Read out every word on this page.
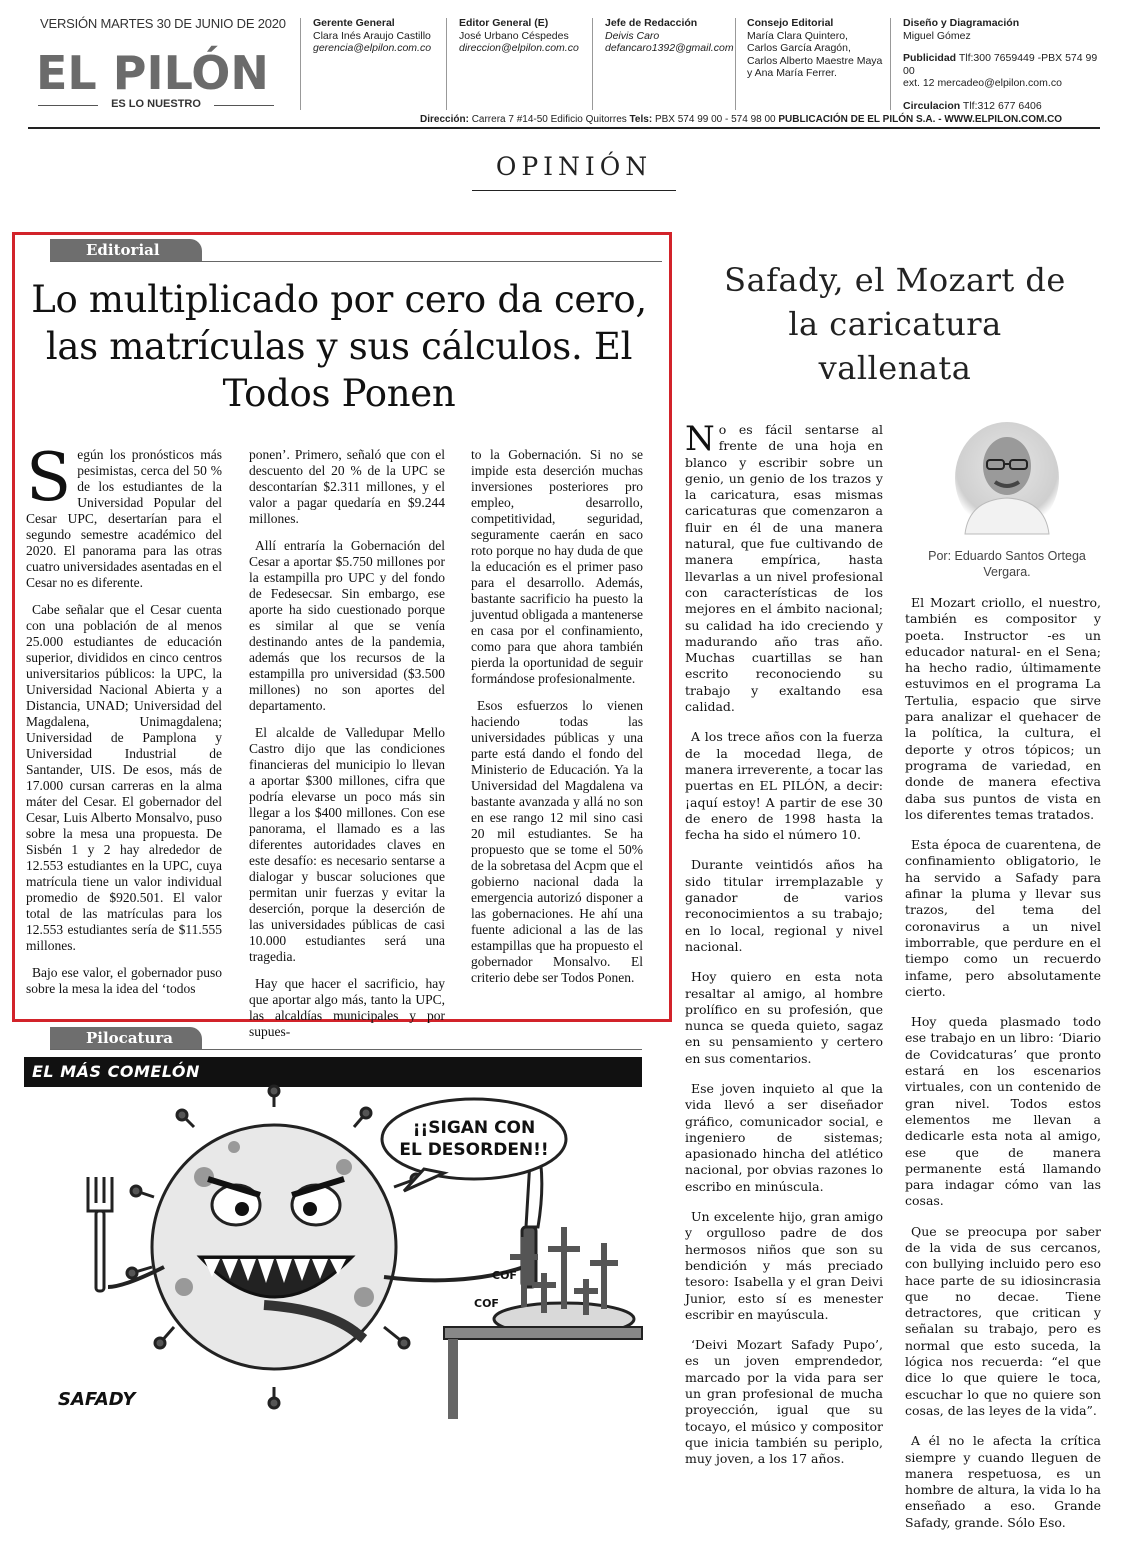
VERSIÓN MARTES 30 DE JUNIO DE 2020
EL PILÓN
ES LO NUESTRO
Gerente General
Clara Inés Araujo Castillo
gerencia@elpilon.com.co
Editor General (E)
José Urbano Céspedes
direccion@elpilon.com.co
Jefe de Redacción
Deivis Caro
defancaro1392@gmail.com
Consejo Editorial
María Clara Quintero,
Carlos García Aragón,
Carlos Alberto Maestre Maya
y Ana María Ferrer.
Diseño y Diagramación
Miguel Gómez
Publicidad Tlf:300 7659449 -PBX 574 99 00
ext. 12 mercadeo@elpilon.com.co
Circulacion Tlf:312 677 6406
Dirección: Carrera 7 #14-50 Edificio Quitorres Tels: PBX 574 99 00 - 574 98 00 PUBLICACIÓN DE EL PILÓN S.A. - WWW.ELPILON.COM.CO
OPINIÓN
Editorial
Lo multiplicado por cero da cero, las matrículas y sus cálculos. El Todos Ponen

Según los pronósticos más pesimistas, cerca del 50 % de los estudiantes de la Universidad Popular del Cesar UPC, desertarían para el segundo semestre académico del 2020. El panorama para las otras cuatro universidades asentadas en el Cesar no es diferente.

Cabe señalar que el Cesar cuenta con una población de al menos 25.000 estudiantes de educación superior, divididos en cinco centros universitarios públicos: la UPC, la Universidad Nacional Abierta y a Distancia, UNAD; Universidad del Magdalena, Unimagdalena; Universidad de Pamplona y Universidad Industrial de Santander, UIS. De esos, más de 17.000 cursan carreras en la alma máter del Cesar. El gobernador del Cesar, Luis Alberto Monsalvo, puso sobre la mesa una propuesta. De Sisbén 1 y 2 hay alrededor de 12.553 estudiantes en la UPC, cuya matrícula tiene un valor individual promedio de $920.501. El valor total de las matrículas para los 12.553 estudiantes sería de $11.555 millones.

Bajo ese valor, el gobernador puso sobre la mesa la idea del ‘todos

ponen’. Primero, señaló que con el descuento del 20 % de la UPC se descontarían $2.311 millones, y el valor a pagar quedaría en $9.244 millones.

Allí entraría la Gobernación del Cesar a aportar $5.750 millones por la estampilla pro UPC y del fondo de Fedesecsar. Sin embargo, ese aporte ha sido cuestionado porque es similar al que se venía destinando antes de la pandemia, además que los recursos de la estampilla pro universidad ($3.500 millones) no son aportes del departamento.

El alcalde de Valledupar Mello Castro dijo que las condiciones financieras del municipio lo llevan a aportar $300 millones, cifra que podría elevarse un poco más sin llegar a los $400 millones. Con ese panorama, el llamado es a las diferentes autoridades claves en este desafío: es necesario sentarse a dialogar y buscar soluciones que permitan unir fuerzas y evitar la deserción, porque la deserción de las universidades públicas de casi 10.000 estudiantes será una tragedia.

Hay que hacer el sacrificio, hay que aportar algo más, tanto la UPC, las alcaldías municipales y por supues-

to la Gobernación. Si no se impide esta deserción muchas inversiones posteriores pro empleo, desarrollo, competitividad, seguridad, seguramente caerán en saco roto porque no hay duda de que la educación es el primer paso para el desarrollo. Además, bastante sacrificio ha puesto la juventud obligada a mantenerse en casa por el confinamiento, como para que ahora también pierda la oportunidad de seguir formándose profesionalmente.

Esos esfuerzos lo vienen haciendo todas las universidades públicas y una parte está dando el fondo del Ministerio de Educación. Ya la Universidad del Magdalena va bastante avanzada y allá no son en ese rango 12 mil sino casi 20 mil estudiantes. Se ha propuesto que se tome el 50% de la sobretasa del Acpm que el gobierno nacional dada la emergencia autorizó disponer a las gobernaciones. He ahí una fuente adicional a las de las estampillas que ha propuesto el gobernador Monsalvo. El criterio debe ser Todos Ponen.

Safady, el Mozart de la caricatura vallenata

No es fácil sentarse al frente de una hoja en blanco y escribir sobre un genio, un genio de los trazos y la caricatura, esas mismas caricaturas que comenzaron a fluir en él de una manera natural, que fue cultivando de manera empírica, hasta llevarlas a un nivel profesional con características de los mejores en el ámbito nacional; su calidad ha ido creciendo y madurando año tras año. Muchas cuartillas se han escrito reconociendo su trabajo y exaltando esa calidad.

A los trece años con la fuerza de la mocedad llega, de manera irreverente, a tocar las puertas en EL PILÓN, a decir: ¡aquí estoy! A partir de ese 30 de enero de 1998 hasta la fecha ha sido el número 10.

Durante veintidós años ha sido titular irremplazable y ganador de varios reconocimientos a su trabajo; en lo local, regional y nivel nacional.

Hoy quiero en esta nota resaltar al amigo, al hombre prolífico en su profesión, que nunca se queda quieto, sagaz en su pensamiento y certero en sus comentarios.

Ese joven inquieto al que la vida llevó a ser diseñador gráfico, comunicador social, e ingeniero de sistemas; apasionado hincha del atlético nacional, por obvias razones lo escribo en minúscula.

Un excelente hijo, gran amigo y orgulloso padre de dos hermosos niños que son su bendición y más preciado tesoro: Isabella y el gran Deivi Junior, esto sí es menester escribir en mayúscula.

‘Deivi Mozart Safady Pupo’, es un joven emprendedor, marcado por la vida para ser un gran profesional de mucha proyección, igual que su tocayo, el músico y compositor que inicia también su periplo, muy joven, a los 17 años.

Por: Eduardo Santos Ortega Vergara.

El Mozart criollo, el nuestro, también es compositor y poeta. Instructor -es un educador natural- en el Sena; ha hecho radio, últimamente estuvimos en el programa La Tertulia, espacio que sirve para analizar el quehacer de la política, la cultura, el deporte y otros tópicos; un programa de variedad, en donde de manera efectiva daba sus puntos de vista en los diferentes temas tratados.

Esta época de cuarentena, de confinamiento obligatorio, le ha servido a Safady para afinar la pluma y llevar sus trazos, del tema del coronavirus a un nivel imborrable, que perdure en el tiempo como un recuerdo infame, pero absolutamente cierto.

Hoy queda plasmado todo ese trabajo en un libro: ‘Diario de Covidcaturas’ que pronto estará en los escenarios virtuales, con un contenido de gran nivel. Todos estos elementos me llevan a dedicarle esta nota al amigo, ese que de manera permanente está llamando para indagar cómo van las cosas.

Que se preocupa por saber de la vida de sus cercanos, con bullying incluido pero eso hace parte de su idiosincrasia que no decae. Tiene detractores, que critican y señalan su trabajo, pero es normal que esto suceda, la lógica nos recuerda: “el que dice lo que quiere le toca, escuchar lo que no quiere son cosas, de las leyes de la vida”.

A él no le afecta la crítica siempre y cuando lleguen de manera respetuosa, es un hombre de altura, la vida lo ha enseñado a eso. Grande Safady, grande. Sólo Eso.

Pilocatura
EL MÁS COMELÓN
¡¡SIGAN CON
EL DESORDEN!!
COF
COF
SAFADY
